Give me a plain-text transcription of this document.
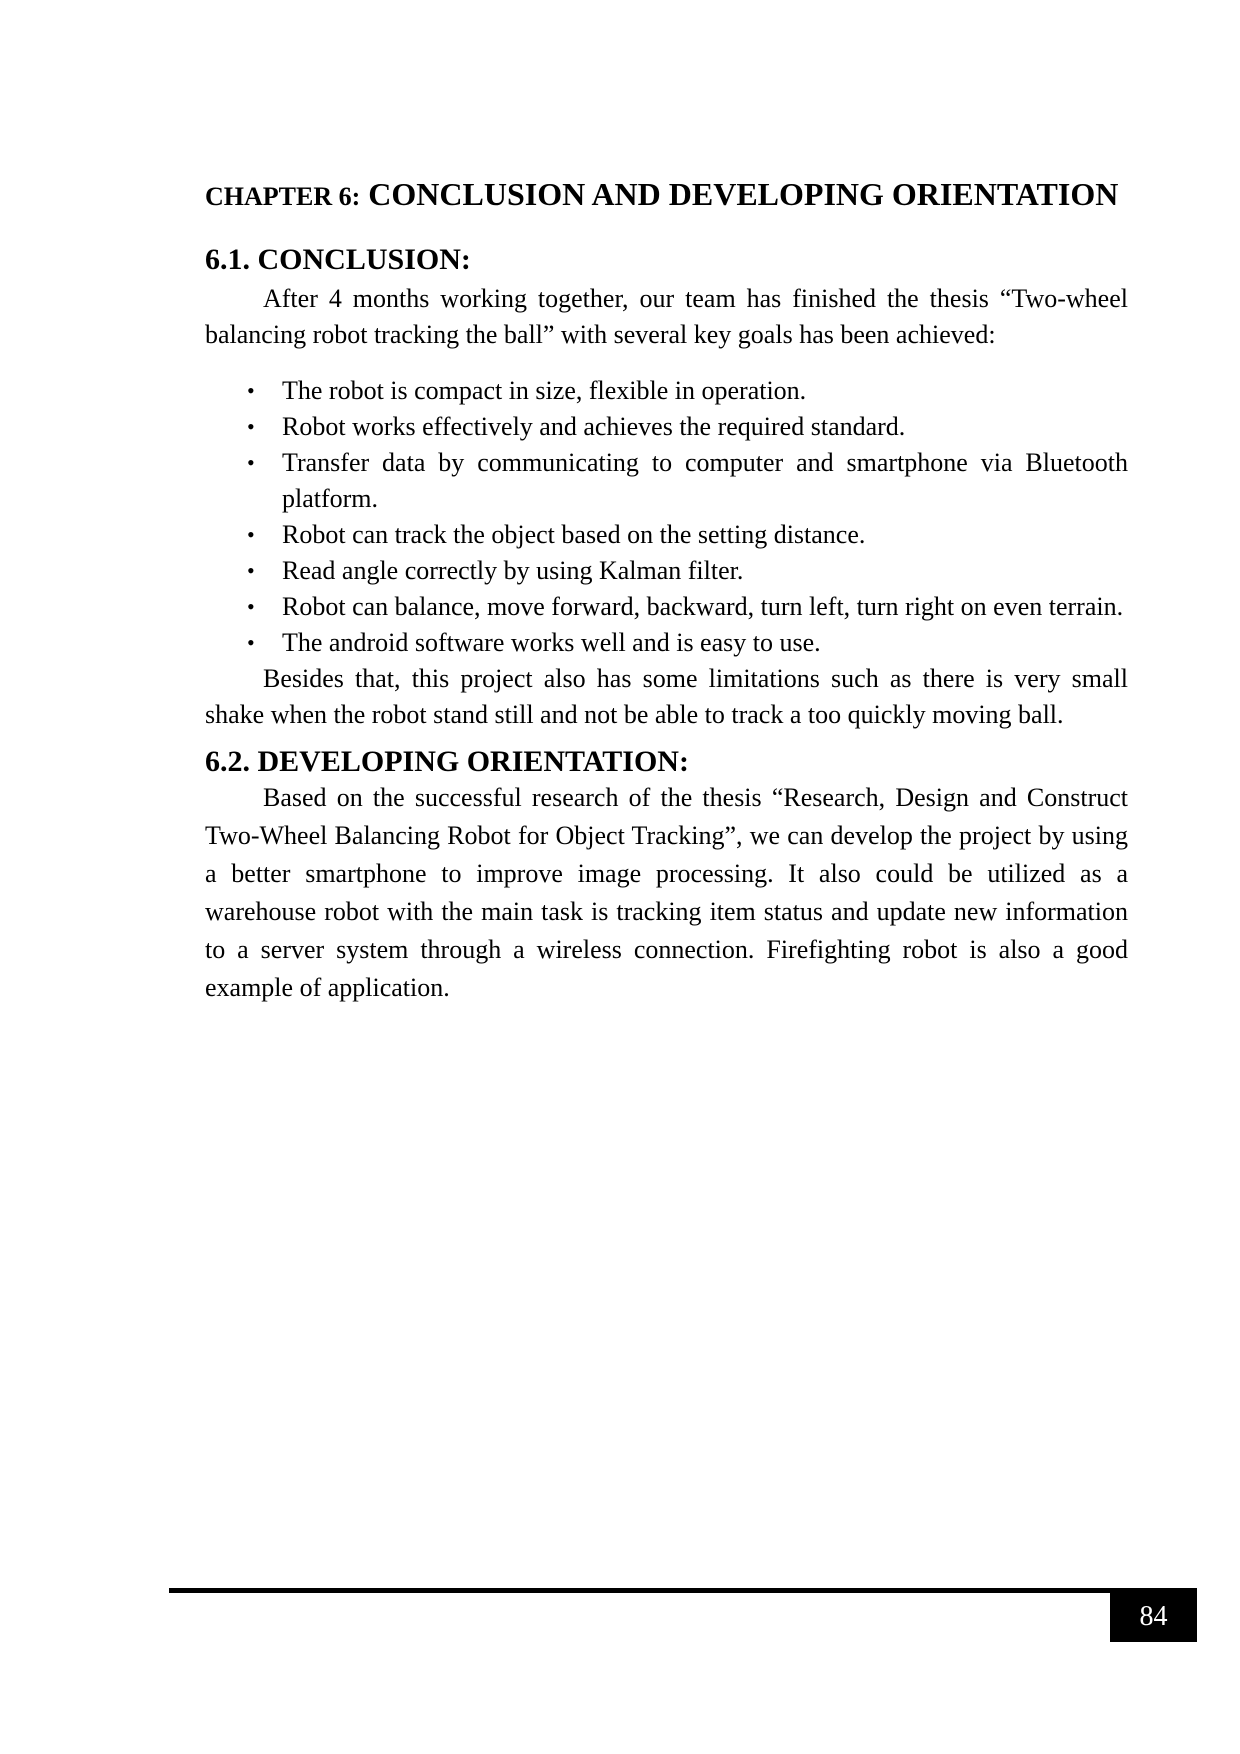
CHAPTER 6: CONCLUSION AND DEVELOPING ORIENTATION
6.1. CONCLUSION:

After 4 months working together, our team has finished the thesis “Two-wheel balancing robot tracking the ball” with several key goals has been achieved:

• The robot is compact in size, flexible in operation.
• Robot works effectively and achieves the required standard.
• Transfer data by communicating to computer and smartphone via Bluetooth platform.
• Robot can track the object based on the setting distance.
• Read angle correctly by using Kalman filter.
• Robot can balance, move forward, backward, turn left, turn right on even terrain.
• The android software works well and is easy to use.

Besides that, this project also has some limitations such as there is very small shake when the robot stand still and not be able to track a too quickly moving ball.

6.2. DEVELOPING ORIENTATION:

Based on the successful research of the thesis “Research, Design and Construct Two-Wheel Balancing Robot for Object Tracking”, we can develop the project by using a better smartphone to improve image processing. It also could be utilized as a warehouse robot with the main task is tracking item status and update new information to a server system through a wireless connection. Firefighting robot is also a good example of application.

84
